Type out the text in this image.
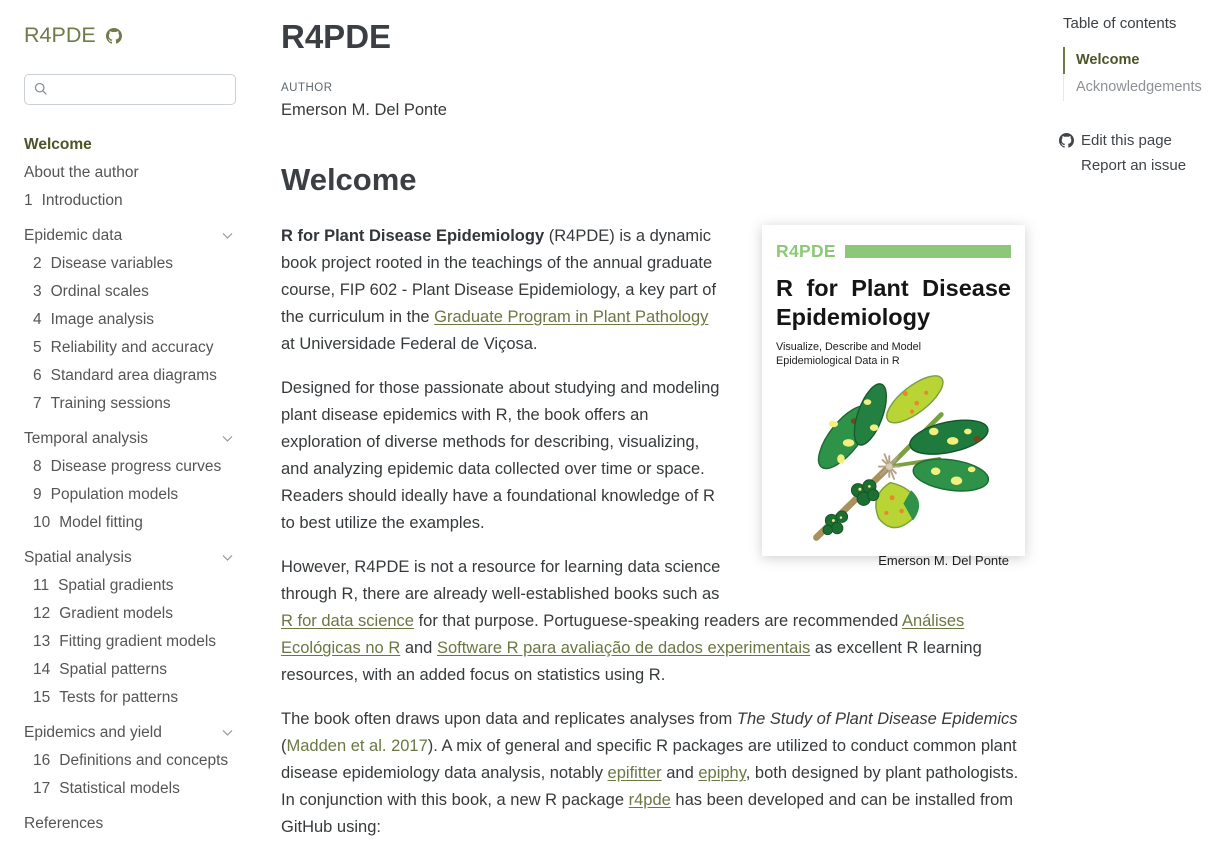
R4PDE
Welcome
About the author
1 Introduction
Epidemic data
2 Disease variables
3 Ordinal scales
4 Image analysis
5 Reliability and accuracy
6 Standard area diagrams
7 Training sessions
Temporal analysis
8 Disease progress curves
9 Population models
10 Model fitting
Spatial analysis
11 Spatial gradients
12 Gradient models
13 Fitting gradient models
14 Spatial patterns
15 Tests for patterns
Epidemics and yield
16 Definitions and concepts
17 Statistical models
References
R4PDE
AUTHOR
Emerson M. Del Ponte
Welcome
R4PDE
R for Plant Disease
Epidemiology
Visualize, Describe and Model
Epidemiological Data in R
Emerson M. Del Ponte

R for Plant Disease Epidemiology (R4PDE) is a dynamic book project rooted in the teachings of the annual graduate course, FIP 602 - Plant Disease Epidemiology, a key part of the curriculum in the Graduate Program in Plant Pathology at Universidade Federal de Viçosa.

Designed for those passionate about studying and modeling plant disease epidemics with R, the book offers an exploration of diverse methods for describing, visualizing, and analyzing epidemic data collected over time or space. Readers should ideally have a foundational knowledge of R to best utilize the examples.

However, R4PDE is not a resource for learning data science through R, there are already well-established books such as R for data science for that purpose. Portuguese-speaking readers are recommended Análises Ecológicas no R and Software R para avaliação de dados experimentais as excellent R learning resources, with an added focus on statistics using R.

The book often draws upon data and replicates analyses from The Study of Plant Disease Epidemics (Madden et al. 2017). A mix of general and specific R packages are utilized to conduct common plant disease epidemiology data analysis, notably epifitter and epiphy, both designed by plant pathologists. In conjunction with this book, a new R package r4pde has been developed and can be installed from GitHub using:

Table of contents
Welcome
Acknowledgements
Edit this page
Report an issue
